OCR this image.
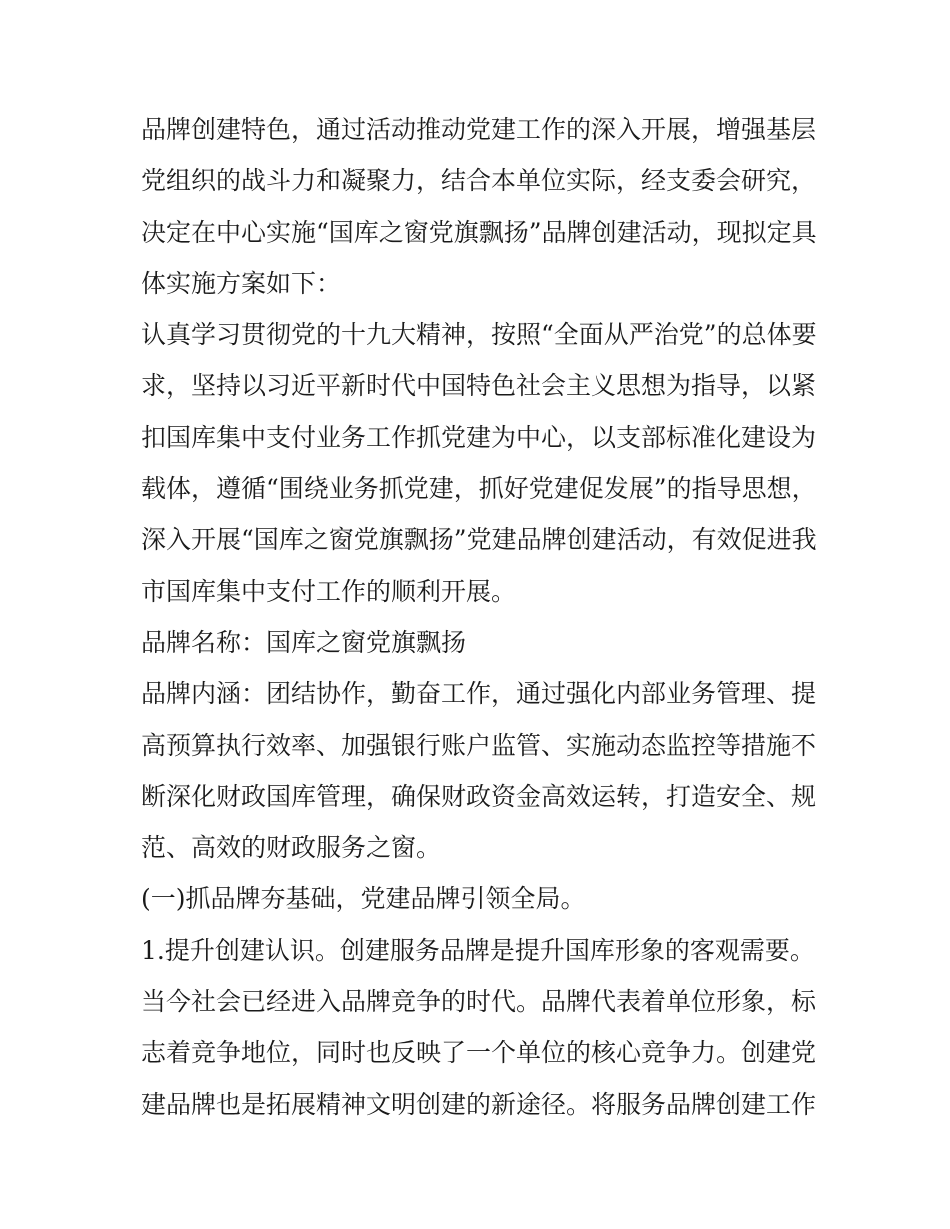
品牌创建特色，通过活动推动党建工作的深入开展，增强基层
党组织的战斗力和凝聚力，结合本单位实际，经支委会研究，
决定在中心实施“国库之窗党旗飘扬”品牌创建活动，现拟定具
体实施方案如下：
认真学习贯彻党的十九大精神，按照“全面从严治党”的总体要
求，坚持以习近平新时代中国特色社会主义思想为指导，以紧
扣国库集中支付业务工作抓党建为中心，以支部标准化建设为
载体，遵循“围绕业务抓党建，抓好党建促发展”的指导思想，
深入开展“国库之窗党旗飘扬”党建品牌创建活动，有效促进我
市国库集中支付工作的顺利开展。
品牌名称：国库之窗党旗飘扬
品牌内涵：团结协作，勤奋工作，通过强化内部业务管理、提
高预算执行效率、加强银行账户监管、实施动态监控等措施不
断深化财政国库管理，确保财政资金高效运转，打造安全、规
范、高效的财政服务之窗。
(一)抓品牌夯基础，党建品牌引领全局。
1.提升创建认识。创建服务品牌是提升国库形象的客观需要。
当今社会已经进入品牌竞争的时代。品牌代表着单位形象，标
志着竞争地位，同时也反映了一个单位的核心竞争力。创建党
建品牌也是拓展精神文明创建的新途径。将服务品牌创建工作
